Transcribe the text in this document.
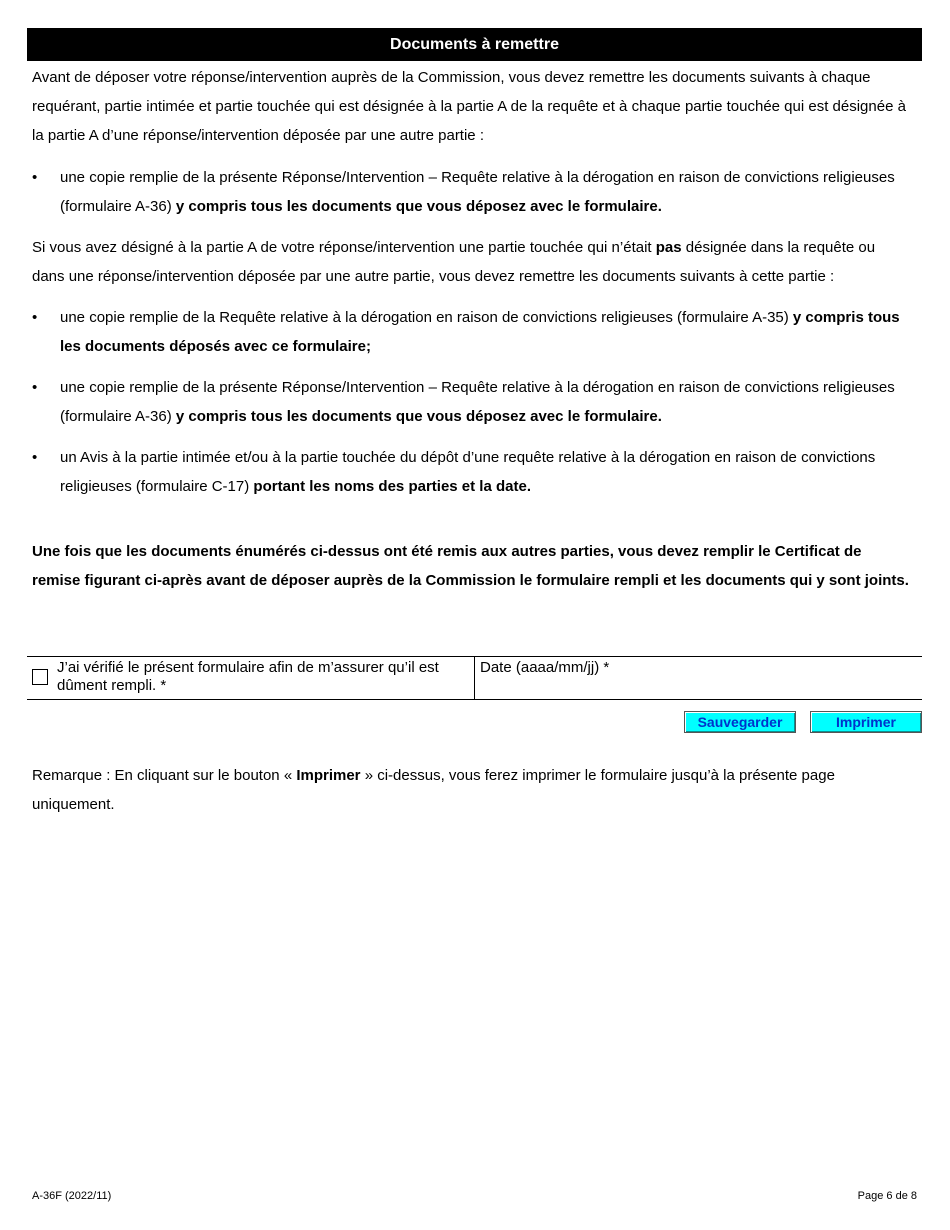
Documents à remettre

Avant de déposer votre réponse/intervention auprès de la Commission, vous devez remettre les documents suivants à chaque requérant, partie intimée et partie touchée qui est désignée à la partie A de la requête et à chaque partie touchée qui est désignée à la partie A d’une réponse/intervention déposée par une autre partie :

• une copie remplie de la présente Réponse/Intervention – Requête relative à la dérogation en raison de convictions religieuses (formulaire A-36) y compris tous les documents que vous déposez avec le formulaire.

Si vous avez désigné à la partie A de votre réponse/intervention une partie touchée qui n’était pas désignée dans la requête ou dans une réponse/intervention déposée par une autre partie, vous devez remettre les documents suivants à cette partie :

• une copie remplie de la Requête relative à la dérogation en raison de convictions religieuses (formulaire A-35) y compris tous les documents déposés avec ce formulaire;
• une copie remplie de la présente Réponse/Intervention – Requête relative à la dérogation en raison de convictions religieuses (formulaire A-36) y compris tous les documents que vous déposez avec le formulaire.
• un Avis à la partie intimée et/ou à la partie touchée du dépôt d’une requête relative à la dérogation en raison de convictions religieuses (formulaire C-17) portant les noms des parties et la date.

Une fois que les documents énumérés ci-dessus ont été remis aux autres parties, vous devez remplir le Certificat de remise figurant ci-après avant de déposer auprès de la Commission le formulaire rempli et les documents qui y sont joints.

J’ai vérifié le présent formulaire afin de m’assurer qu’il est dûment rempli. *
Date (aaaa/mm/jj) *
Sauvegarder	Imprimer

Remarque : En cliquant sur le bouton « Imprimer » ci-dessus, vous ferez imprimer le formulaire jusqu’à la présente page uniquement.

A-36F (2022/11)	Page 6 de 8
